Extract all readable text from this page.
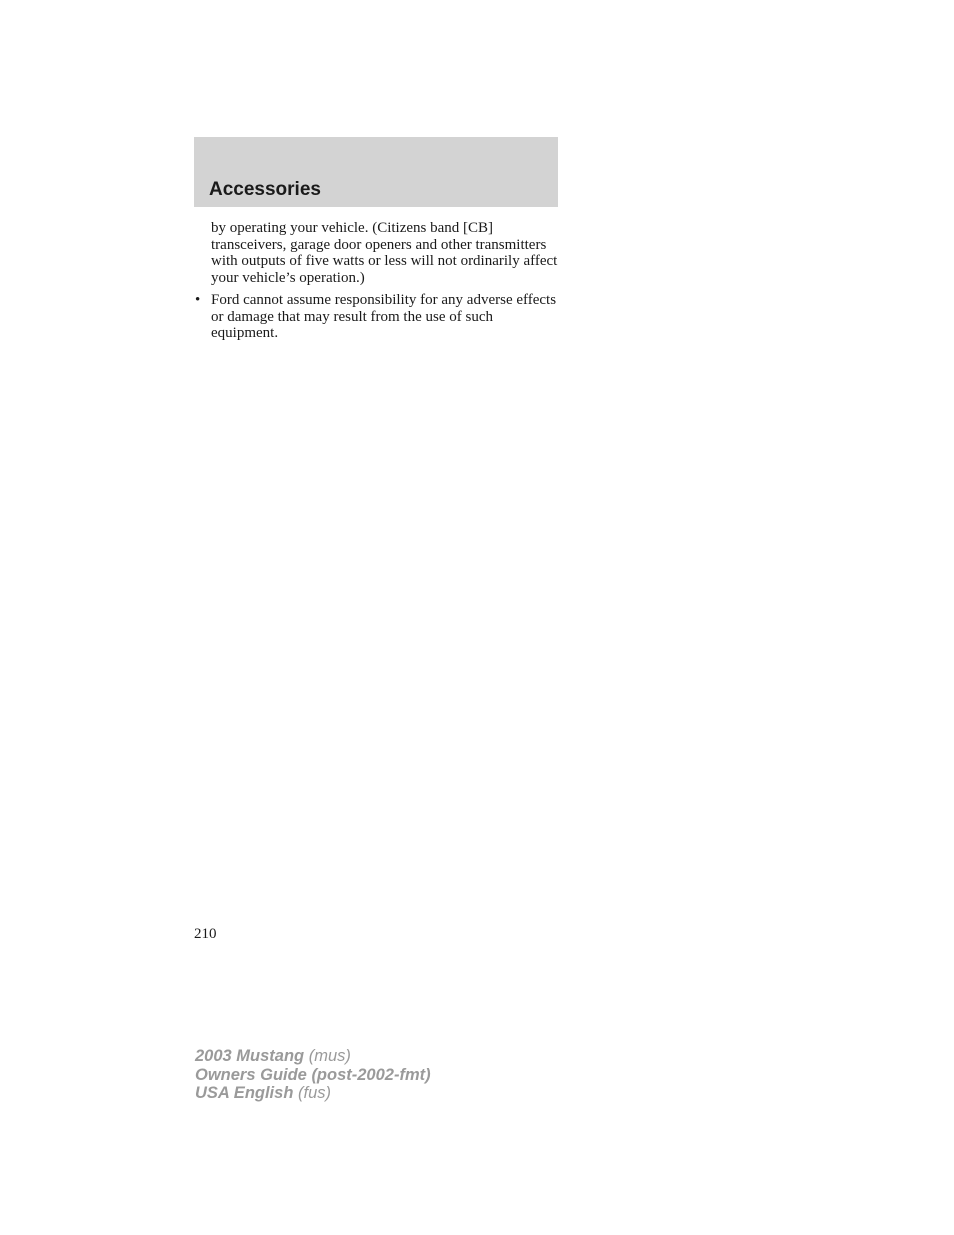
Accessories

by operating your vehicle. (Citizens band [CB] transceivers, garage door openers and other transmitters with outputs of five watts or less will not ordinarily affect your vehicle’s operation.)

• Ford cannot assume responsibility for any adverse effects or damage that may result from the use of such equipment.
210
2003 Mustang (mus)
Owners Guide (post-2002-fmt)
USA English (fus)
